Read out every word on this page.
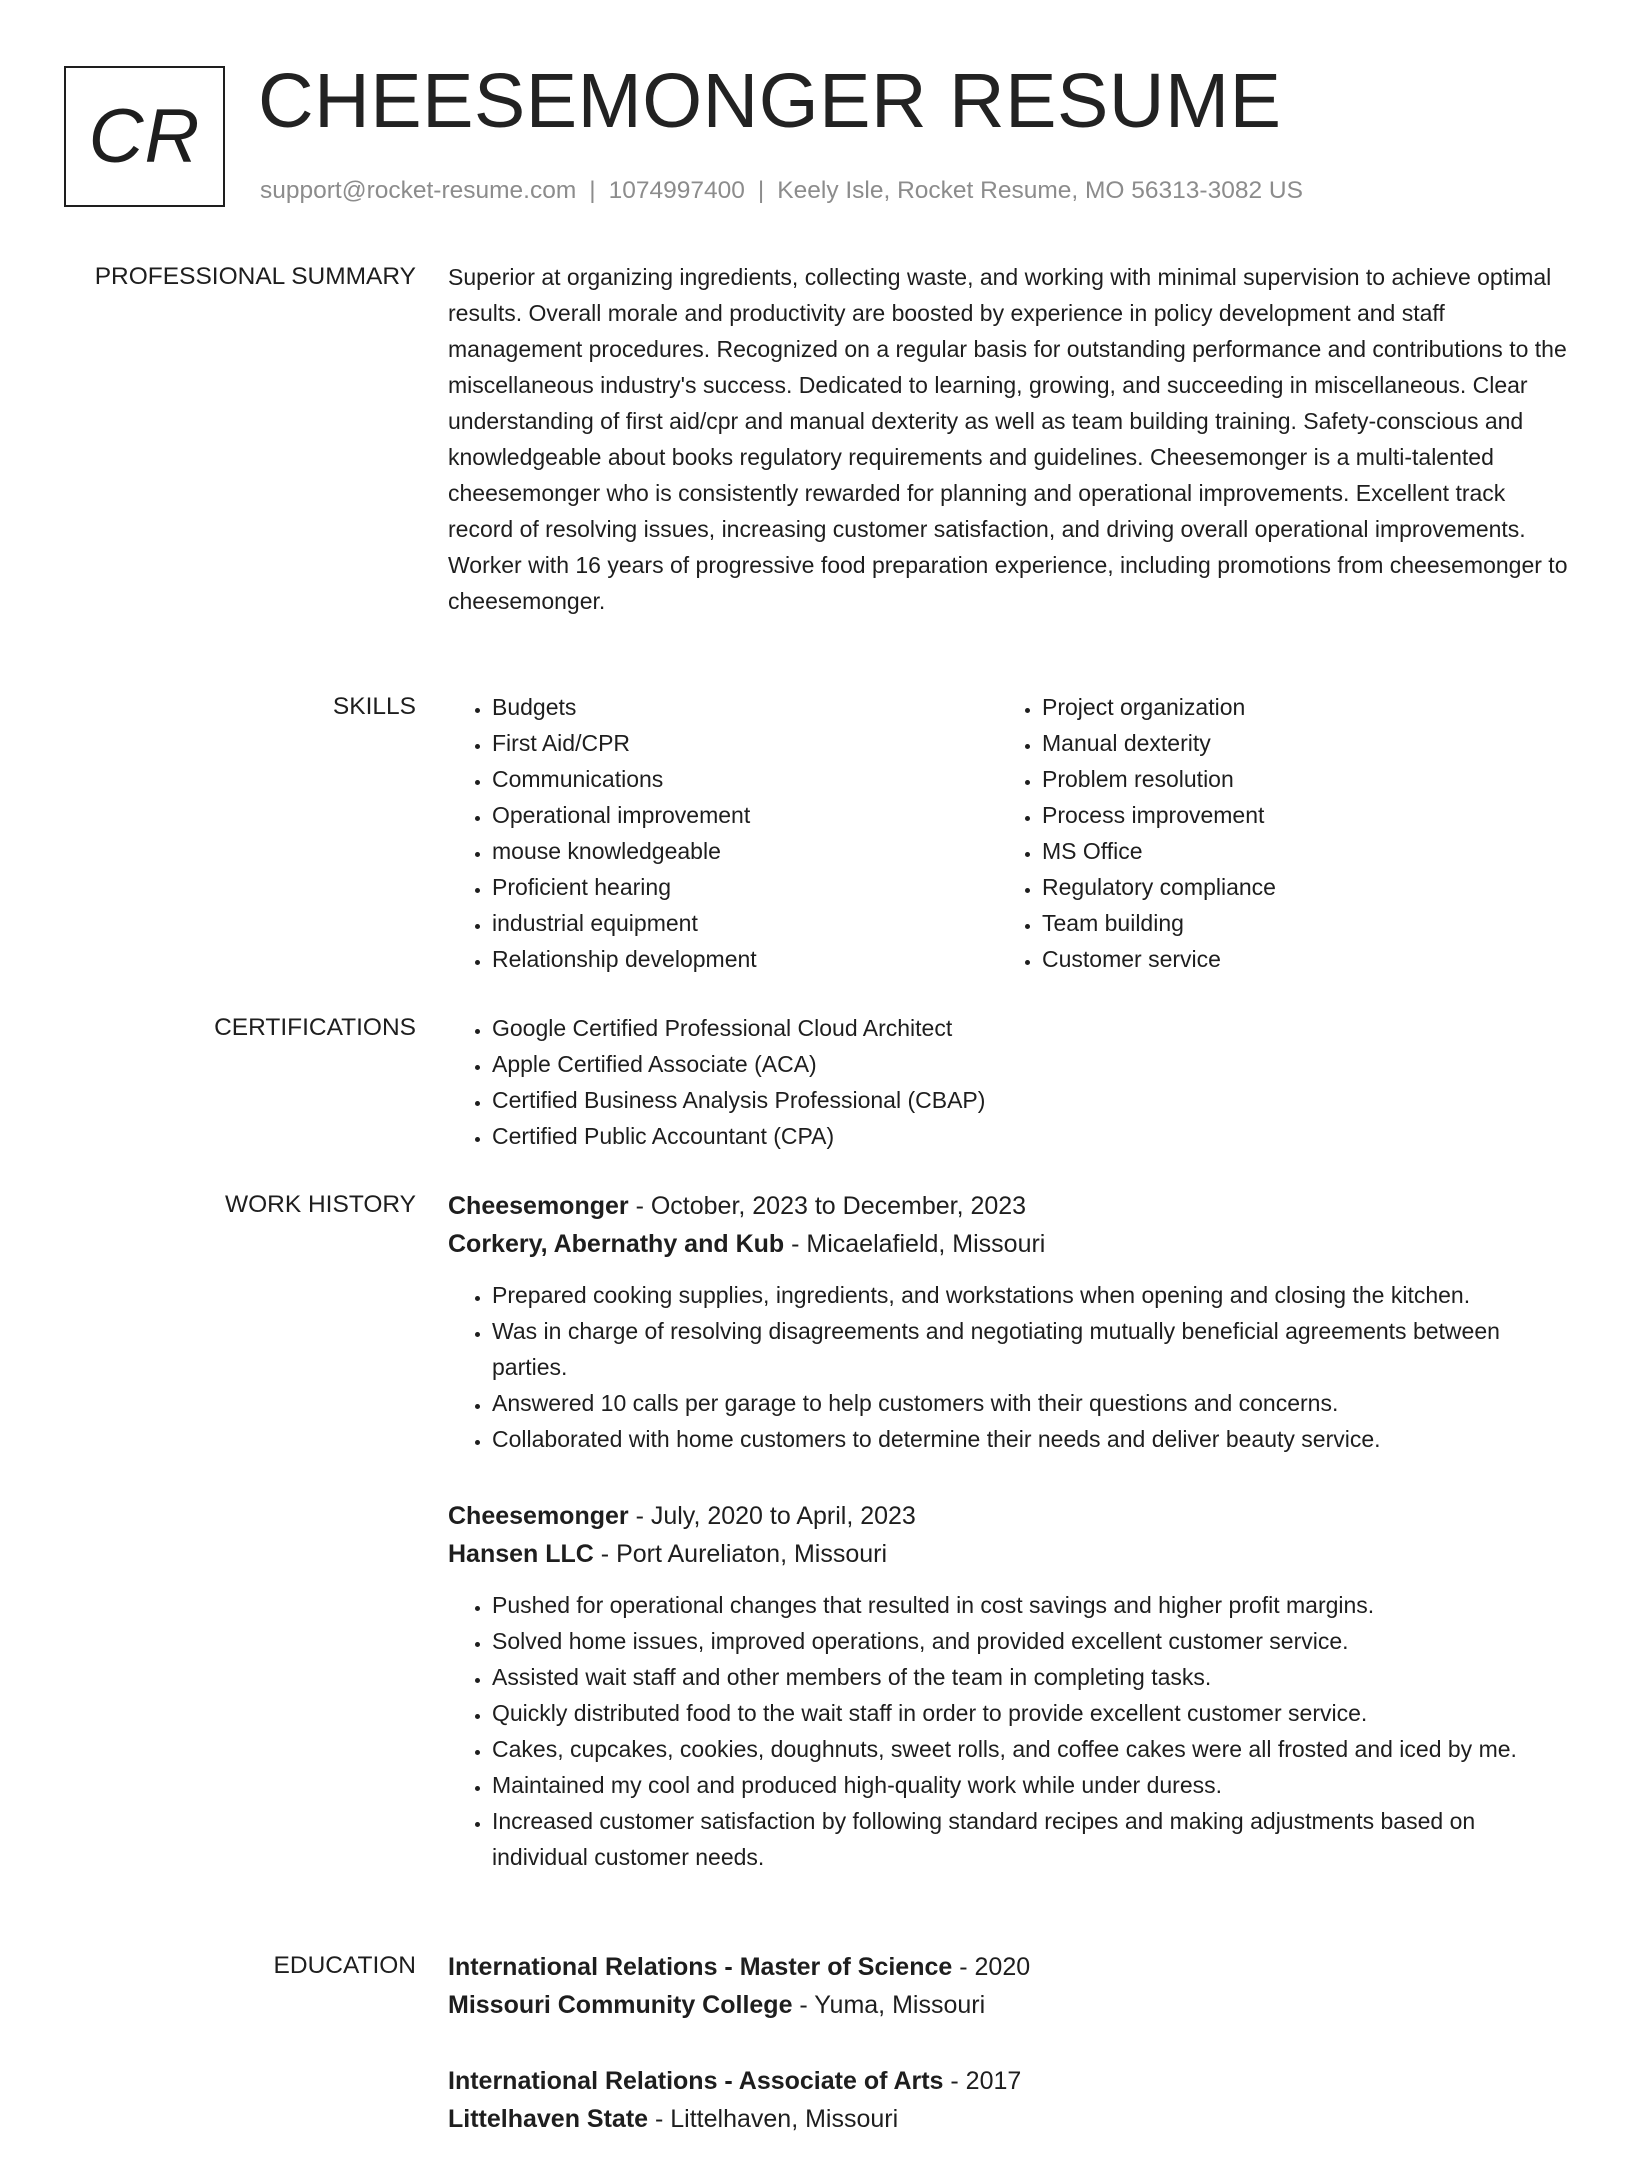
CR CHEESEMONGER RESUME
support@rocket-resume.com | 1074997400 | Keely Isle, Rocket Resume, MO 56313-3082 US
PROFESSIONAL SUMMARY Superior at organizing ingredients, collecting waste, and working with minimal supervision to achieve optimal results. Overall morale and productivity are boosted by experience in policy development and staff management procedures. Recognized on a regular basis for outstanding performance and contributions to the miscellaneous industry's success. Dedicated to learning, growing, and succeeding in miscellaneous. Clear understanding of first aid/cpr and manual dexterity as well as team building training. Safety-conscious and knowledgeable about books regulatory requirements and guidelines. Cheesemonger is a multi-talented cheesemonger who is consistently rewarded for planning and operational improvements. Excellent track record of resolving issues, increasing customer satisfaction, and driving overall operational improvements. Worker with 16 years of progressive food preparation experience, including promotions from cheesemonger to cheesemonger.

SKILLS	• Budgets
• First Aid/CPR
• Communications
• Operational improvement
• mouse knowledgeable
• Proficient hearing
• industrial equipment
• Relationship development
• Project organization
• Manual dexterity
• Problem resolution
• Process improvement
• MS Office
• Regulatory compliance
• Team building
• Customer service
CERTIFICATIONS	• Google Certified Professional Cloud Architect
• Apple Certified Associate (ACA)
• Certified Business Analysis Professional (CBAP)
• Certified Public Accountant (CPA)
WORK HISTORY Cheesemonger - October, 2023 to December, 2023
Corkery, Abernathy and Kub - Micaelafield, Missouri
• Prepared cooking supplies, ingredients, and workstations when opening and closing the kitchen.
• Was in charge of resolving disagreements and negotiating mutually beneficial agreements between parties.
• Answered 10 calls per garage to help customers with their questions and concerns.
• Collaborated with home customers to determine their needs and deliver beauty service.
Cheesemonger - July, 2020 to April, 2023
Hansen LLC - Port Aureliaton, Missouri
• Pushed for operational changes that resulted in cost savings and higher profit margins.
• Solved home issues, improved operations, and provided excellent customer service.
• Assisted wait staff and other members of the team in completing tasks.
• Quickly distributed food to the wait staff in order to provide excellent customer service.
• Cakes, cupcakes, cookies, doughnuts, sweet rolls, and coffee cakes were all frosted and iced by me.
• Maintained my cool and produced high-quality work while under duress.
• Increased customer satisfaction by following standard recipes and making adjustments based on individual customer needs.
EDUCATION International Relations - Master of Science - 2020
Missouri Community College - Yuma, Missouri
International Relations - Associate of Arts - 2017
Littelhaven State - Littelhaven, Missouri
